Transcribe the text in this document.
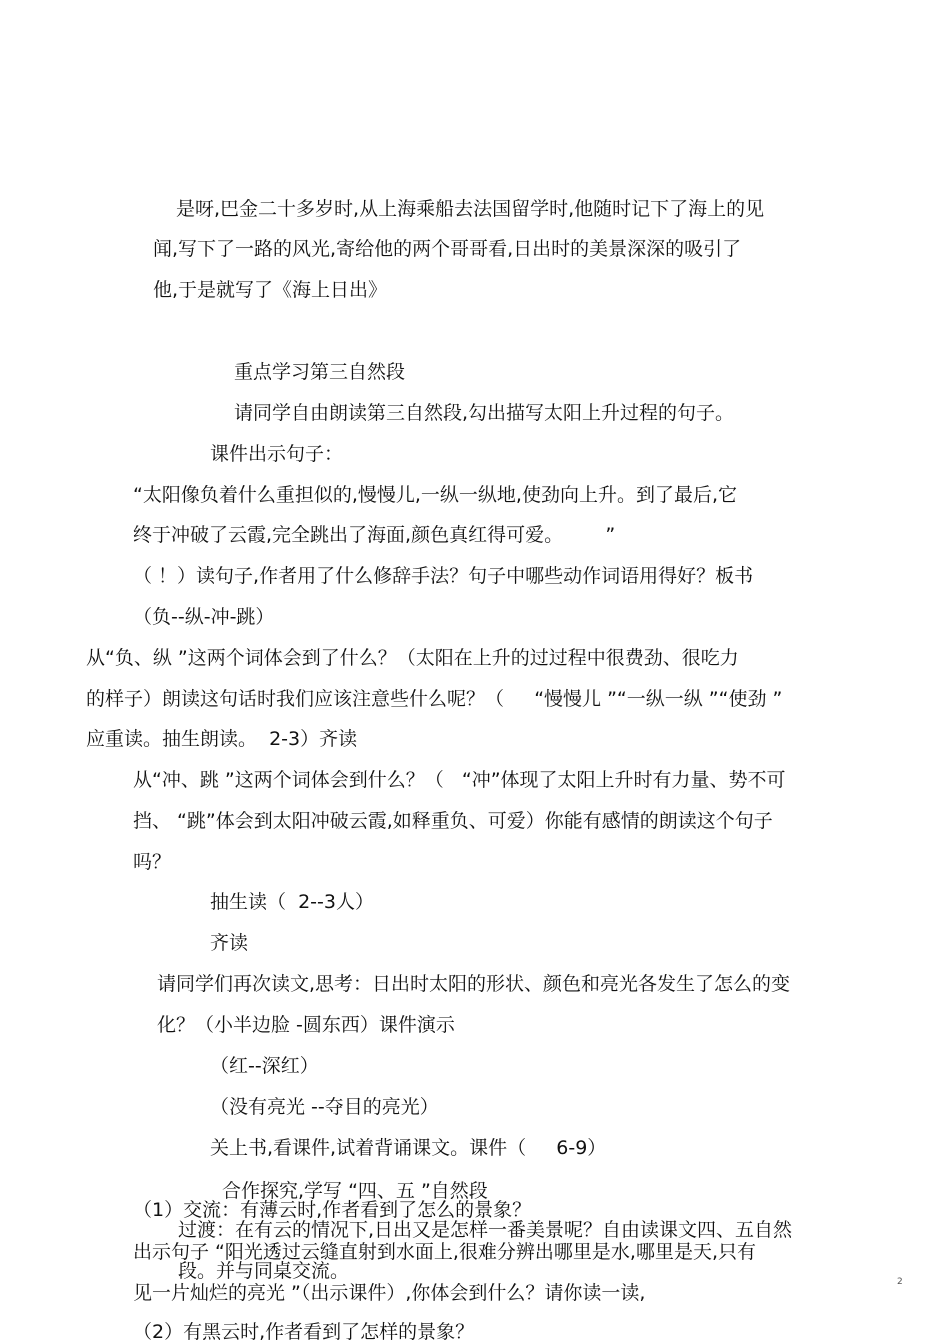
是呀,巴金二十多岁时,从上海乘船去法国留学时,他随时记下了海上的见
闻,写下了一路的风光,寄给他的两个哥哥看,日出时的美景深深的吸引了
他,于是就写了《海上日出》
重点学习第三自然段
请同学自由朗读第三自然段,勾出描写太阳上升过程的句子。
课件出示句子：
“太阳像负着什么重担似的,慢慢儿,一纵一纵地,使劲向上升。到了最后,它
终于冲破了云霞,完全跳出了海面,颜色真红得可爱。       ”
（ ！）读句子,作者用了什么修辞手法？句子中哪些动作词语用得好？板书
（负--纵-冲-跳）
从“负、纵 ”这两个词体会到了什么？（太阳在上升的过过程中很费劲、很吃力
的样子）朗读这句话时我们应该注意些什么呢？（     “慢慢儿 ”“一纵一纵 ”“使劲 ”
应重读。抽生朗读。  2-3）齐读
从“冲、跳 ”这两个词体会到什么？（   “冲”体现了太阳上升时有力量、势不可
挡、 “跳”体会到太阳冲破云霞,如释重负、可爱）你能有感情的朗读这个句子
吗？
抽生读（  2--3人）
齐读
请同学们再次读文,思考：日出时太阳的形状、颜色和亮光各发生了怎么的变
化？（小半边脸 -圆东西）课件演示
（红--深红）
（没有亮光 --夺目的亮光）
关上书,看课件,试着背诵课文。课件（     6-9）
合作探究,学写 “四、五 ”自然段
（1）交流：有薄云时,作者看到了怎么的景象？
过渡：在有云的情况下,日出又是怎样一番美景呢？自由读课文四、五自然
出示句子 “阳光透过云缝直射到水面上,很难分辨出哪里是水,哪里是天,只有
段。并与同桌交流。
见一片灿烂的亮光 ”（出示课件）,你体会到什么？请你读一读,
（2）有黑云时,作者看到了怎样的景象？
2
